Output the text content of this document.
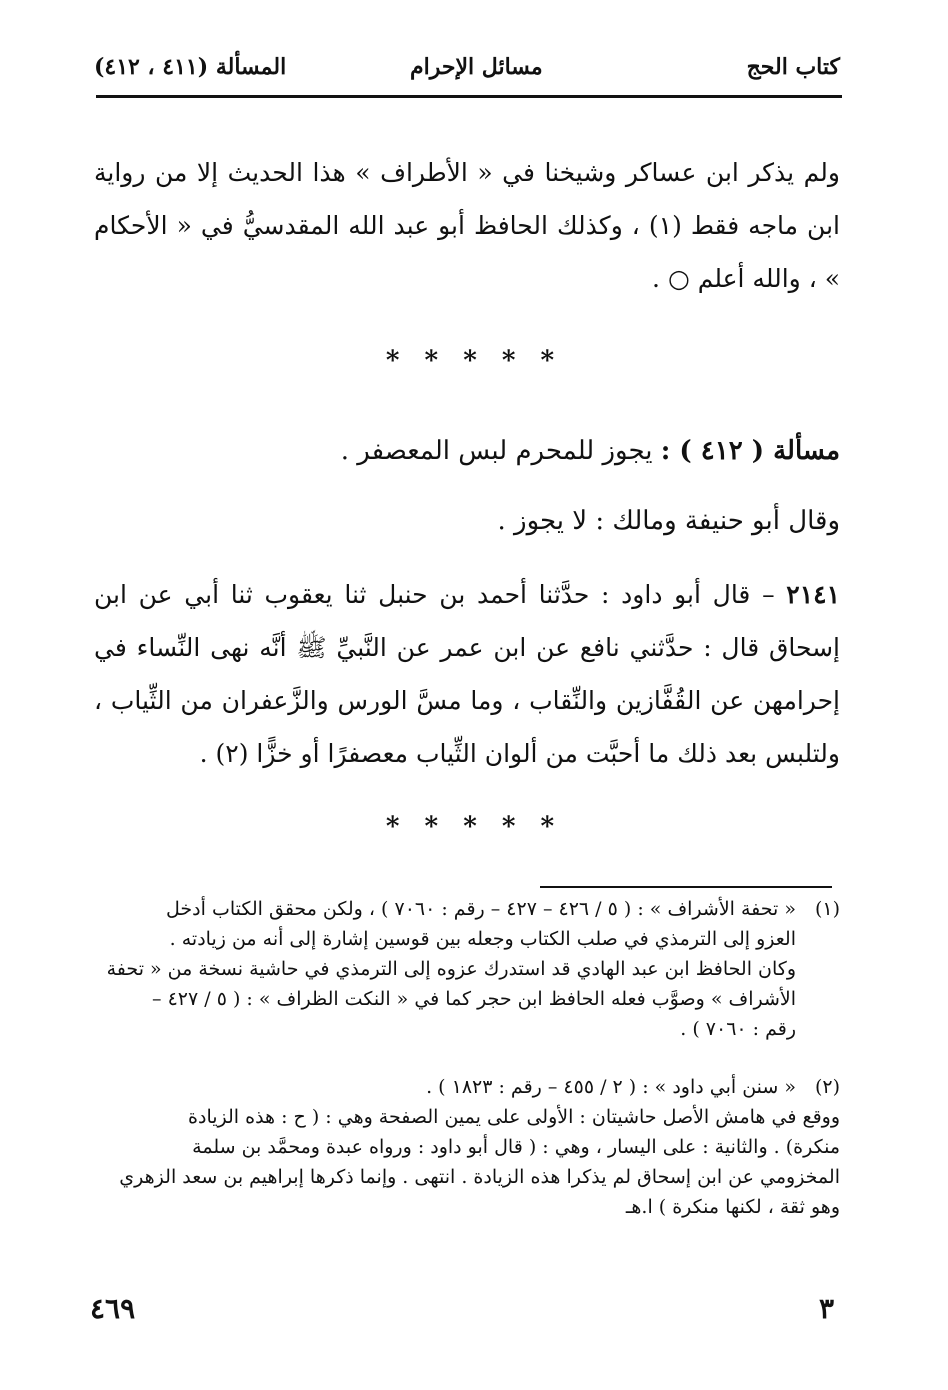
كتاب الحج
مسائل الإحرام
المسألة (٤١١ ، ٤١٢)
ولم يذكر ابن عساكر وشيخنا في « الأطراف » هذا الحديث إلا من رواية ابن ماجه فقط (١) ، وكذلك الحافظ أبو عبد الله المقدسيُّ في « الأحكام » ، والله أعلم ○ .
* * * * *
مسألة ( ٤١٢ ) : يجوز للمحرم لبس المعصفر .
وقال أبو حنيفة ومالك : لا يجوز .
٢١٤١ – قال أبو داود : حدَّثنا أحمد بن حنبل ثنا يعقوب ثنا أبي عن ابن إسحاق قال : حدَّثني نافع عن ابن عمر عن النَّبيِّ ﷺ أنَّه نهى النِّساء في إحرامهن عن القُفَّازين والنِّقاب ، وما مسَّ الورس والزَّعفران من الثِّياب ، ولتلبس بعد ذلك ما أحبَّت من ألوان الثِّياب معصفرًا أو خزًّا (٢) .
* * * * *
(١)« تحفة الأشراف » : ( ٥ / ٤٢٦ – ٤٢٧ – رقم : ٧٠٦٠ ) ، ولكن محقق الكتاب أدخل
العزو إلى الترمذي في صلب الكتاب وجعله بين قوسين إشارة إلى أنه من زيادته .
وكان الحافظ ابن عبد الهادي قد استدرك عزوه إلى الترمذي في حاشية نسخة من « تحفة
الأشراف » وصوَّب فعله الحافظ ابن حجر كما في « النكت الظراف » : ( ٥ / ٤٢٧ –
رقم : ٧٠٦٠ ) .
(٢)« سنن أبي داود » : ( ٢ / ٤٥٥ – رقم : ١٨٢٣ ) .
ووقع في هامش الأصل حاشيتان : الأولى على يمين الصفحة وهي : ( ح : هذه الزيادة
منكرة) . والثانية : على اليسار ، وهي : ( قال أبو داود : ورواه عبدة ومحمَّد بن سلمة
المخزومي عن ابن إسحاق لم يذكرا هذه الزيادة . انتهى . وإنما ذكرها إبراهيم بن سعد الزهري
وهو ثقة ، لكنها منكرة ) ا.هـ
٤٦٩	٣
